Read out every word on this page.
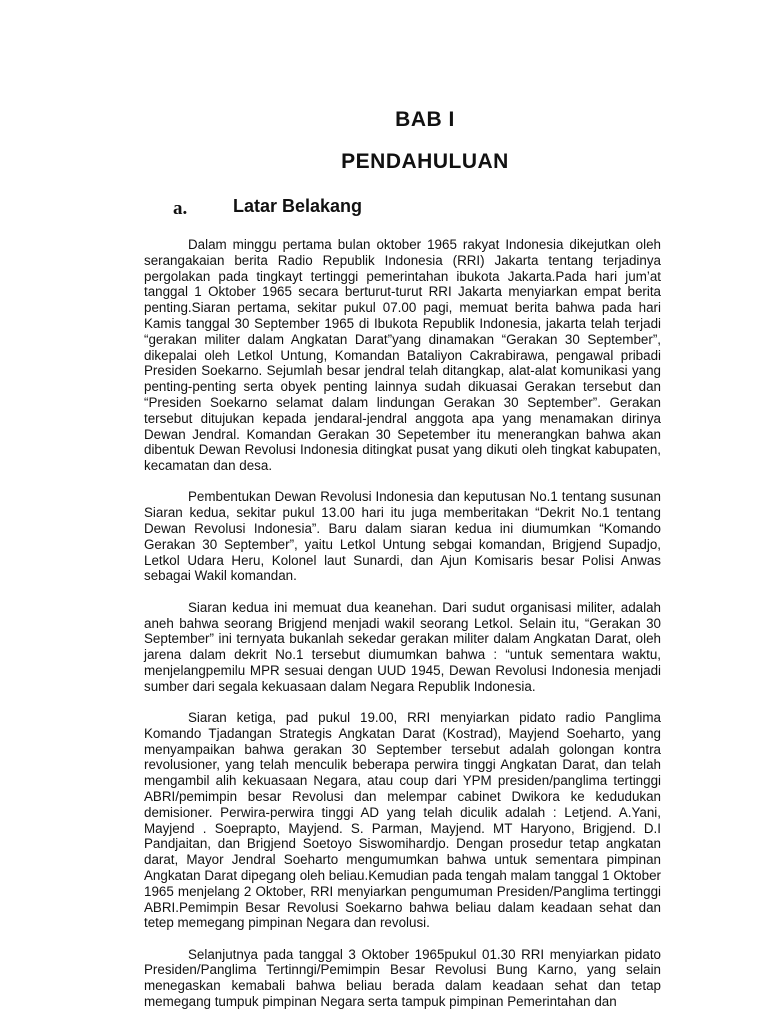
BAB I
PENDAHULUAN
a.	Latar Belakang

Dalam minggu pertama bulan oktober 1965 rakyat Indonesia dikejutkan oleh serangakaian berita Radio Republik Indonesia (RRI) Jakarta tentang terjadinya pergolakan pada tingkayt tertinggi pemerintahan ibukota Jakarta.Pada hari jum’at tanggal 1 Oktober 1965 secara berturut-turut RRI Jakarta menyiarkan empat berita penting.Siaran pertama, sekitar pukul 07.00 pagi, memuat berita bahwa pada hari Kamis tanggal 30 September 1965 di Ibukota Republik Indonesia, jakarta telah terjadi “gerakan militer dalam Angkatan Darat”yang dinamakan “Gerakan 30 September”, dikepalai oleh Letkol Untung, Komandan Bataliyon Cakrabirawa, pengawal pribadi Presiden Soekarno. Sejumlah besar jendral telah ditangkap, alat-alat komunikasi yang penting-penting serta obyek penting lainnya sudah dikuasai Gerakan tersebut dan “Presiden Soekarno selamat dalam lindungan Gerakan 30 September”. Gerakan tersebut ditujukan kepada jendaral-jendral anggota apa yang menamakan dirinya Dewan Jendral. Komandan Gerakan 30 Sepetember itu menerangkan bahwa akan dibentuk Dewan Revolusi Indonesia ditingkat pusat yang dikuti oleh tingkat kabupaten, kecamatan dan desa.

Pembentukan Dewan Revolusi Indonesia dan keputusan No.1 tentang susunan Siaran kedua, sekitar pukul 13.00 hari itu juga memberitakan “Dekrit No.1 tentang Dewan Revolusi Indonesia”. Baru dalam siaran kedua ini diumumkan “Komando Gerakan 30 September”, yaitu Letkol Untung sebgai komandan, Brigjend Supadjo, Letkol Udara Heru, Kolonel laut Sunardi, dan Ajun Komisaris besar Polisi Anwas sebagai Wakil komandan.

Siaran kedua ini memuat dua keanehan. Dari sudut organisasi militer, adalah aneh bahwa seorang Brigjend menjadi wakil seorang Letkol. Selain itu, “Gerakan 30 September” ini ternyata bukanlah sekedar gerakan militer dalam Angkatan Darat, oleh jarena dalam dekrit No.1 tersebut diumumkan bahwa : “untuk sementara waktu, menjelangpemilu MPR sesuai dengan UUD 1945, Dewan Revolusi Indonesia menjadi sumber dari segala kekuasaan dalam Negara Republik Indonesia.

Siaran ketiga, pad pukul 19.00, RRI menyiarkan pidato radio Panglima Komando Tjadangan Strategis Angkatan Darat (Kostrad), Mayjend Soeharto, yang menyampaikan bahwa gerakan 30 September tersebut adalah golongan kontra revolusioner, yang telah menculik beberapa perwira tinggi Angkatan Darat, dan telah mengambil alih kekuasaan Negara, atau coup dari YPM presiden/panglima tertinggi ABRI/pemimpin besar Revolusi dan melempar cabinet Dwikora ke kedudukan demisioner. Perwira-perwira tinggi AD yang telah diculik adalah : Letjend. A.Yani, Mayjend . Soeprapto, Mayjend. S. Parman, Mayjend. MT Haryono, Brigjend. D.I Pandjaitan, dan Brigjend Soetoyo Siswomihardjo. Dengan prosedur tetap angkatan darat, Mayor Jendral Soeharto mengumumkan bahwa untuk sementara pimpinan Angkatan Darat dipegang oleh beliau.Kemudian pada tengah malam tanggal 1 Oktober 1965 menjelang 2 Oktober, RRI menyiarkan pengumuman Presiden/Panglima tertinggi ABRI.Pemimpin Besar Revolusi Soekarno bahwa beliau dalam keadaan sehat dan tetep memegang pimpinan Negara dan revolusi.

Selanjutnya pada tanggal 3 Oktober 1965pukul 01.30 RRI menyiarkan pidato Presiden/Panglima Tertinngi/Pemimpin Besar Revolusi Bung Karno, yang selain menegaskan kemabali bahwa beliau berada dalam keadaan sehat dan tetap memegang tumpuk pimpinan Negara serta tampuk pimpinan Pemerintahan dan
